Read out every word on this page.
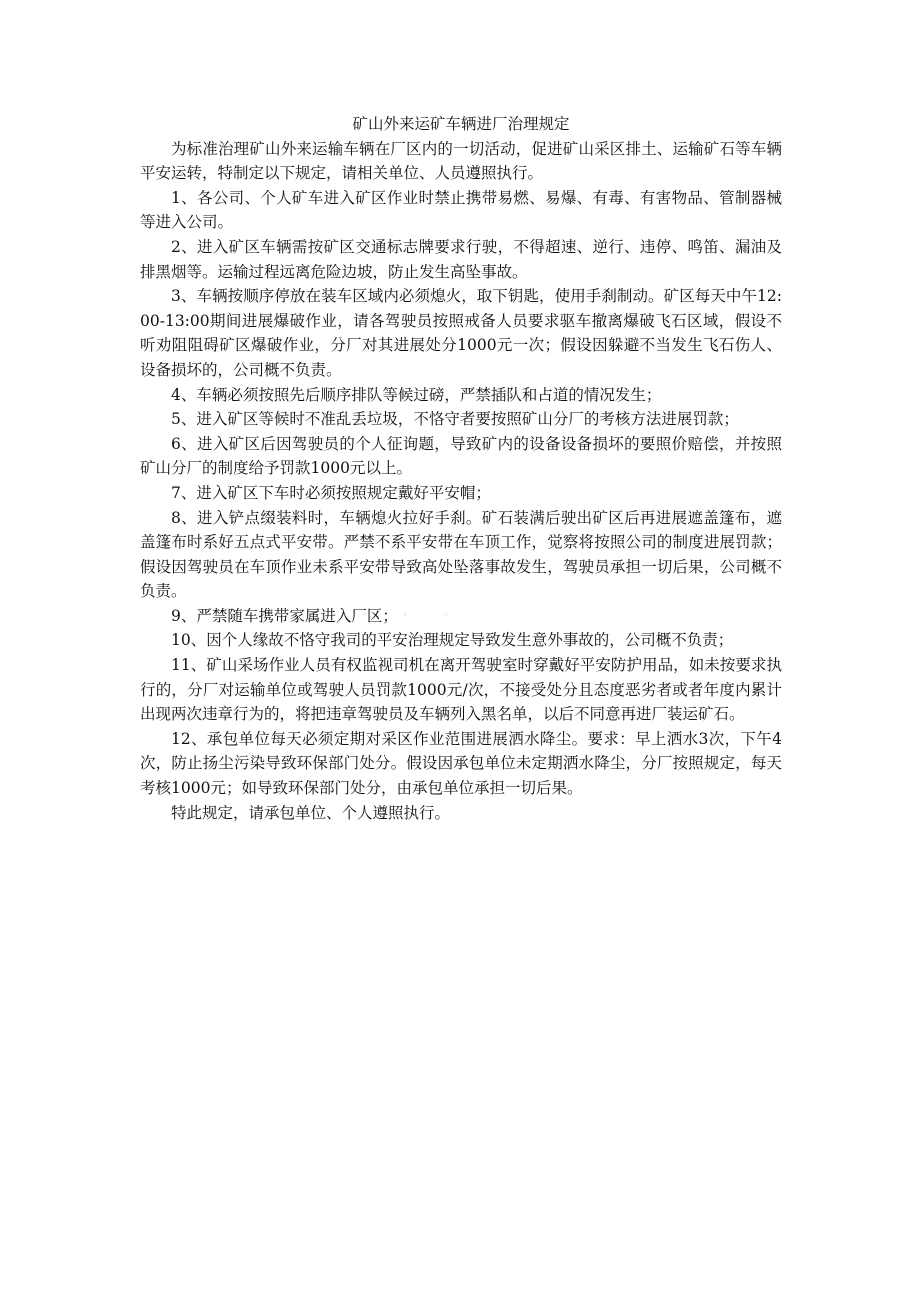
·  ·  ·
矿山外来运矿车辆进厂治理规定

为标准治理矿山外来运输车辆在厂区内的一切活动，促进矿山采区排土、运输矿石等车辆平安运转，特制定以下规定，请相关单位、人员遵照执行。

1、各公司、个人矿车进入矿区作业时禁止携带易燃、易爆、有毒、有害物品、管制器械等进入公司。

2、进入矿区车辆需按矿区交通标志牌要求行驶，不得超速、逆行、违停、鸣笛、漏油及排黑烟等。运输过程远离危险边坡，防止发生高坠事故。

3、车辆按顺序停放在装车区域内必须熄火，取下钥匙，使用手刹制动。矿区每天中午12:00-13:00期间进展爆破作业，请各驾驶员按照戒备人员要求驱车撤离爆破飞石区域，假设不听劝阻阻碍矿区爆破作业，分厂对其进展处分1000元一次；假设因躲避不当发生飞石伤人、设备损坏的，公司概不负责。

4、车辆必须按照先后顺序排队等候过磅，严禁插队和占道的情况发生；

5、进入矿区等候时不准乱丢垃圾，不恪守者要按照矿山分厂的考核方法进展罚款；

6、进入矿区后因驾驶员的个人征询题，导致矿内的设备设备损坏的要照价赔偿，并按照矿山分厂的制度给予罚款1000元以上。

7、进入矿区下车时必须按照规定戴好平安帽；

8、进入铲点缀装料时，车辆熄火拉好手刹。矿石装满后驶出矿区后再进展遮盖篷布，遮盖篷布时系好五点式平安带。严禁不系平安带在车顶工作，觉察将按照公司的制度进展罚款；假设因驾驶员在车顶作业未系平安带导致高处坠落事故发生，驾驶员承担一切后果，公司概不负责。

9、严禁随车携带家属进入厂区；

10、因个人缘故不恪守我司的平安治理规定导致发生意外事故的，公司概不负责；

11、矿山采场作业人员有权监视司机在离开驾驶室时穿戴好平安防护用品，如未按要求执行的，分厂对运输单位或驾驶人员罚款1000元/次，不接受处分且态度恶劣者或者年度内累计出现两次违章行为的，将把违章驾驶员及车辆列入黑名单，以后不同意再进厂装运矿石。

12、承包单位每天必须定期对采区作业范围进展洒水降尘。要求：早上洒水3次，下午4次，防止扬尘污染导致环保部门处分。假设因承包单位未定期洒水降尘，分厂按照规定，每天考核1000元；如导致环保部门处分，由承包单位承担一切后果。

特此规定，请承包单位、个人遵照执行。
